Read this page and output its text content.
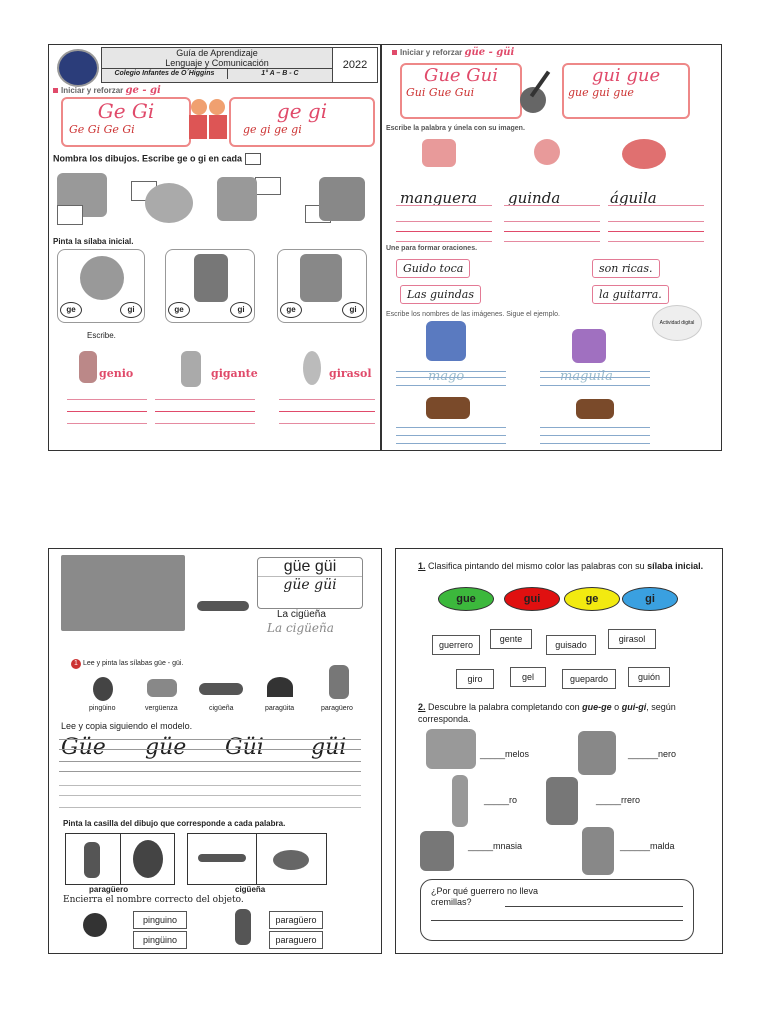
Guía de Aprendizaje
Lenguaje y Comunicación
Colegio Infantes de O´Higgins	1° A – B - C
2022
Iniciar y reforzar ge - gi
Ge Gi
Ge Gi Ge Gi
ge gi
ge gi ge gi
Nombra los dibujos. Escribe ge o gi en cada
Pinta la sílaba inicial.
ge	gi	ge	gi	ge	gi
Escribe.
genio	gigante	girasol
Iniciar y reforzar güe - güi
Gue Gui
Gui Gue Gui
gui gue
gue gui gue
Escribe la palabra y únela con su imagen.
manguera guinda	águila
Une para formar oraciones.
Guido toca
Las guindas
son ricas.
la guitarra.
Escribe los nombres de las imágenes. Sigue el ejemplo.
Actividad digital
mago	maguila
güe güi
güe güi
La cigüeña
La cigüeña
1 Lee y pinta las sílabas güe - güi.
pingüino	vergüenza	cigüeña	paragüita	paragüero
Lee y copia siguiendo el modelo.
Güe güe Güi güi
Pinta la casilla del dibujo que corresponde a cada palabra.
paragüero	cigüeña
Encierra el nombre correcto del objeto.
pinguino
pingüino
paragüero
paraguero
1. Clasifica pintando del mismo color las palabras con su sílaba inicial.
gue	gui	ge	gi
guerrero
gente
guisado
girasol
giro	gel	guepardo	guión
2. Descubre la palabra completando con gue-ge o gui-gi, según corresponda.
_____melos	______nero
_____ro	_____rrero
_____mnasia	______malda
¿Por qué guerrero no lleva cremillas?
